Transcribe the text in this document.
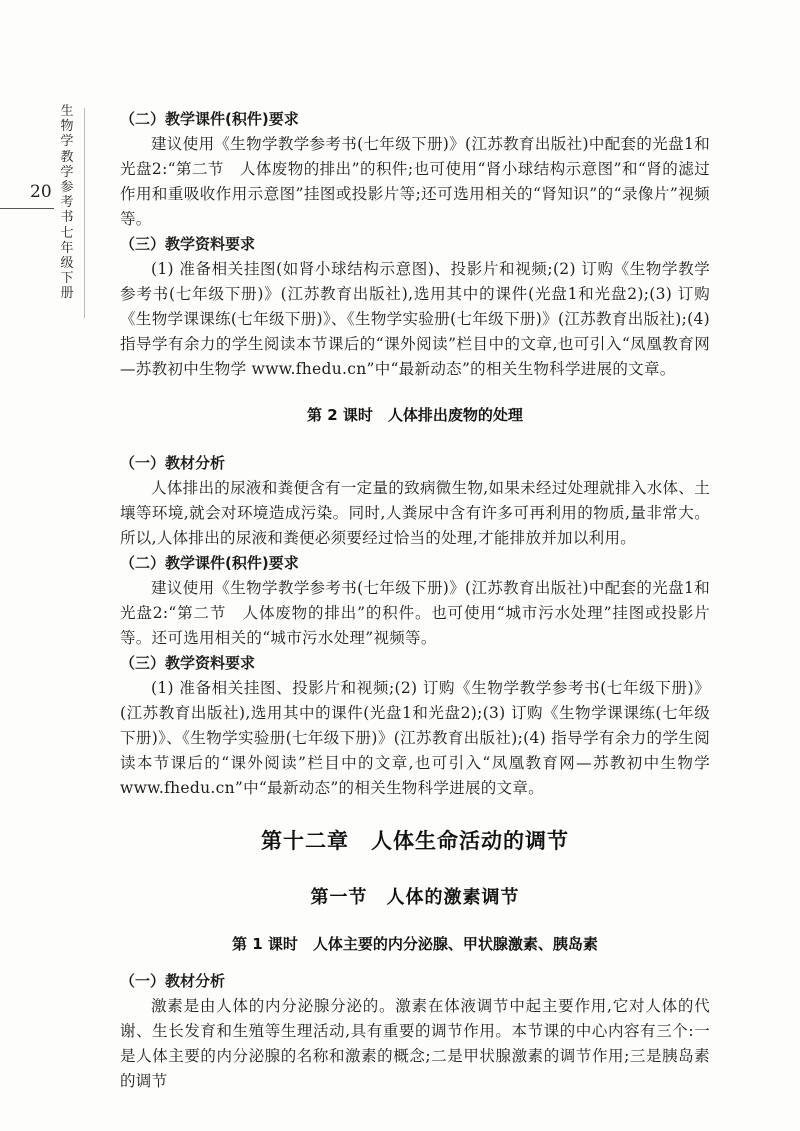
生物学教学参考书七年级下册
20
（二）教学课件(积件)要求

建议使用《生物学教学参考书(七年级下册)》(江苏教育出版社)中配套的光盘1和光盘2:“第二节　人体废物的排出”的积件;也可使用“肾小球结构示意图”和“肾的滤过作用和重吸收作用示意图”挂图或投影片等;还可选用相关的“肾知识”的“录像片”视频等。

（三）教学资料要求

(1) 准备相关挂图(如肾小球结构示意图)、投影片和视频;(2) 订购《生物学教学参考书(七年级下册)》(江苏教育出版社),选用其中的课件(光盘1和光盘2);(3) 订购《生物学课课练(七年级下册)》、《生物学实验册(七年级下册)》(江苏教育出版社);(4) 指导学有余力的学生阅读本节课后的“课外阅读”栏目中的文章,也可引入“凤凰教育网—苏教初中生物学 www.fhedu.cn”中“最新动态”的相关生物科学进展的文章。

第 2 课时　人体排出废物的处理
（一）教材分析

人体排出的尿液和粪便含有一定量的致病微生物,如果未经过处理就排入水体、土壤等环境,就会对环境造成污染。同时,人粪尿中含有许多可再利用的物质,量非常大。所以,人体排出的尿液和粪便必须要经过恰当的处理,才能排放并加以利用。

（二）教学课件(积件)要求

建议使用《生物学教学参考书(七年级下册)》(江苏教育出版社)中配套的光盘1和光盘2:“第二节　人体废物的排出”的积件。也可使用“城市污水处理”挂图或投影片等。还可选用相关的“城市污水处理”视频等。

（三）教学资料要求

(1) 准备相关挂图、投影片和视频;(2) 订购《生物学教学参考书(七年级下册)》(江苏教育出版社),选用其中的课件(光盘1和光盘2);(3) 订购《生物学课课练(七年级下册)》、《生物学实验册(七年级下册)》(江苏教育出版社);(4) 指导学有余力的学生阅读本节课后的“课外阅读”栏目中的文章,也可引入“凤凰教育网—苏教初中生物学 www.fhedu.cn”中“最新动态”的相关生物科学进展的文章。

第十二章　人体生命活动的调节
第一节　人体的激素调节
第 1 课时　人体主要的内分泌腺、甲状腺激素、胰岛素
（一）教材分析

激素是由人体的内分泌腺分泌的。激素在体液调节中起主要作用,它对人体的代谢、生长发育和生殖等生理活动,具有重要的调节作用。本节课的中心内容有三个:一是人体主要的内分泌腺的名称和激素的概念;二是甲状腺激素的调节作用;三是胰岛素的调节
